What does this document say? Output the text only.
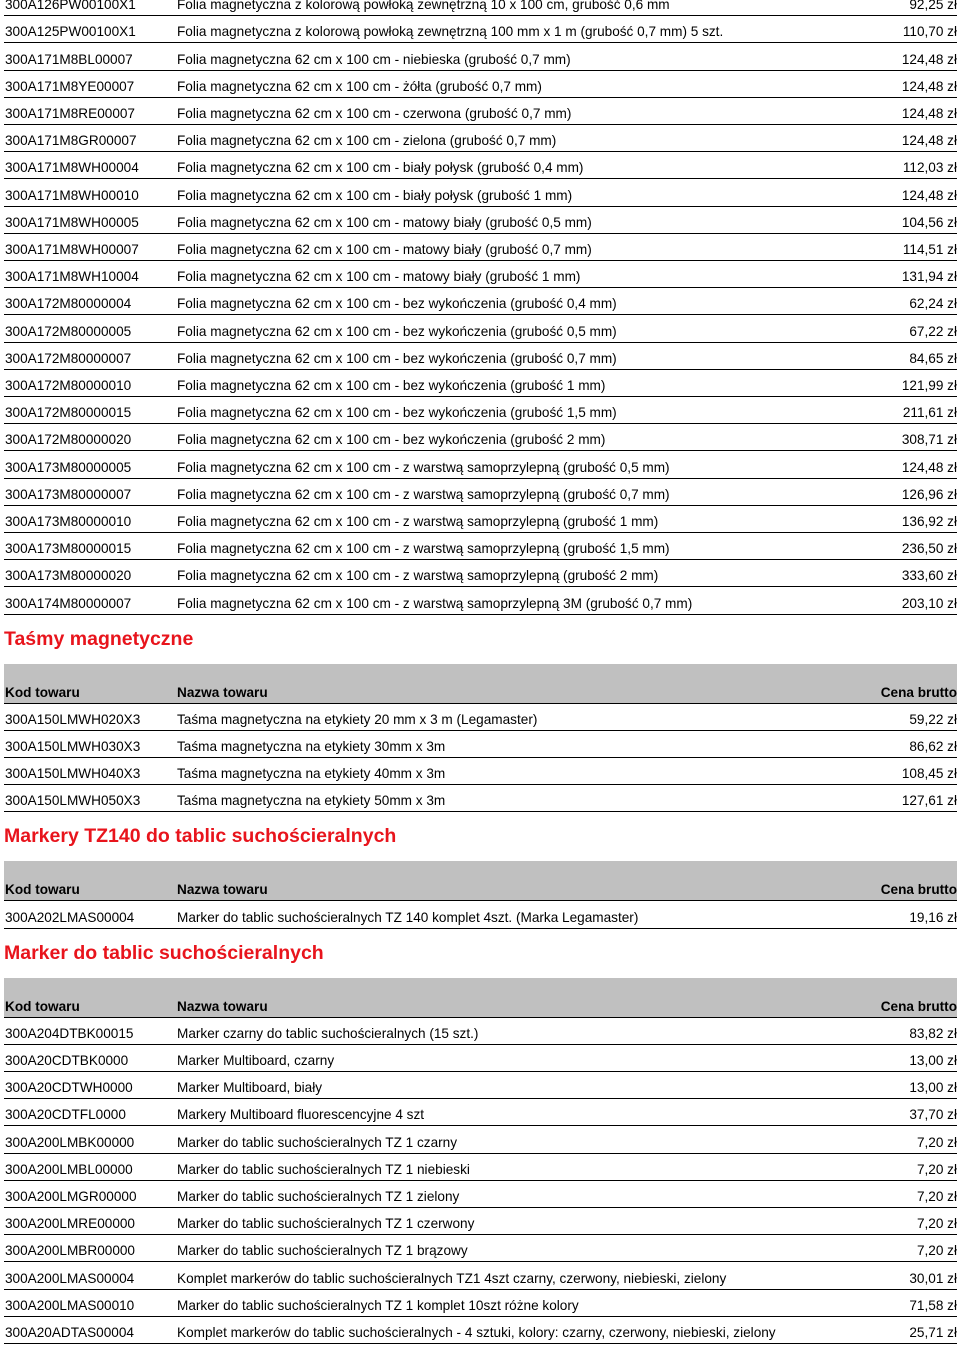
300A126PW00100X1	Folia magnetyczna z kolorową powłoką zewnętrzną 10 x 100 cm, grubość 0,6 mm	92,25 zł
300A125PW00100X1	Folia magnetyczna z kolorową powłoką zewnętrzną 100 mm x 1 m (grubość 0,7 mm) 5 szt.	110,70 zł
300A171M8BL00007	Folia magnetyczna 62 cm x 100 cm - niebieska (grubość 0,7 mm)	124,48 zł
300A171M8YE00007	Folia magnetyczna 62 cm x 100 cm - żółta (grubość 0,7 mm)	124,48 zł
300A171M8RE00007	Folia magnetyczna 62 cm x 100 cm - czerwona (grubość 0,7 mm)	124,48 zł
300A171M8GR00007	Folia magnetyczna 62 cm x 100 cm - zielona (grubość 0,7 mm)	124,48 zł
300A171M8WH00004	Folia magnetyczna 62 cm x 100 cm - biały połysk (grubość 0,4 mm)	112,03 zł
300A171M8WH00010	Folia magnetyczna 62 cm x 100 cm - biały połysk (grubość 1 mm)	124,48 zł
300A171M8WH00005	Folia magnetyczna 62 cm x 100 cm - matowy biały (grubość 0,5 mm)	104,56 zł
300A171M8WH00007	Folia magnetyczna 62 cm x 100 cm - matowy biały (grubość 0,7 mm)	114,51 zł
300A171M8WH10004	Folia magnetyczna 62 cm x 100 cm - matowy biały (grubość 1 mm)	131,94 zł
300A172M80000004	Folia magnetyczna 62 cm x 100 cm - bez wykończenia (grubość 0,4 mm)	62,24 zł
300A172M80000005	Folia magnetyczna 62 cm x 100 cm - bez wykończenia (grubość 0,5 mm)	67,22 zł
300A172M80000007	Folia magnetyczna 62 cm x 100 cm - bez wykończenia (grubość 0,7 mm)	84,65 zł
300A172M80000010	Folia magnetyczna 62 cm x 100 cm - bez wykończenia (grubość 1 mm)	121,99 zł
300A172M80000015	Folia magnetyczna 62 cm x 100 cm - bez wykończenia (grubość 1,5 mm)	211,61 zł
300A172M80000020	Folia magnetyczna 62 cm x 100 cm - bez wykończenia (grubość 2 mm)	308,71 zł
300A173M80000005	Folia magnetyczna 62 cm x 100 cm - z warstwą samoprzylepną (grubość 0,5 mm)	124,48 zł
300A173M80000007	Folia magnetyczna 62 cm x 100 cm - z warstwą samoprzylepną (grubość 0,7 mm)	126,96 zł
300A173M80000010	Folia magnetyczna 62 cm x 100 cm - z warstwą samoprzylepną (grubość 1 mm)	136,92 zł
300A173M80000015	Folia magnetyczna 62 cm x 100 cm - z warstwą samoprzylepną (grubość 1,5 mm)	236,50 zł
300A173M80000020	Folia magnetyczna 62 cm x 100 cm - z warstwą samoprzylepną (grubość 2 mm)	333,60 zł
300A174M80000007	Folia magnetyczna 62 cm x 100 cm - z warstwą samoprzylepną 3M (grubość 0,7 mm)	203,10 zł
Taśmy magnetyczne
Kod towaru	Nazwa towaru	Cena brutto
300A150LMWH020X3	Taśma magnetyczna na etykiety 20 mm x 3 m (Legamaster)	59,22 zł
300A150LMWH030X3	Taśma magnetyczna na etykiety 30mm x 3m	86,62 zł
300A150LMWH040X3	Taśma magnetyczna na etykiety 40mm x 3m	108,45 zł
300A150LMWH050X3	Taśma magnetyczna na etykiety 50mm x 3m	127,61 zł
Markery TZ140 do tablic suchościeralnych
Kod towaru	Nazwa towaru	Cena brutto
300A202LMAS00004	Marker do tablic suchościeralnych TZ 140 komplet 4szt. (Marka Legamaster)	19,16 zł
Marker do tablic suchościeralnych
Kod towaru	Nazwa towaru	Cena brutto
300A204DTBK00015	Marker czarny do tablic suchościeralnych (15 szt.)	83,82 zł
300A20CDTBK0000	Marker Multiboard, czarny	13,00 zł
300A20CDTWH0000	Marker Multiboard, biały	13,00 zł
300A20CDTFL0000	Markery Multiboard fluorescencyjne 4 szt	37,70 zł
300A200LMBK00000	Marker do tablic suchościeralnych TZ 1 czarny	7,20 zł
300A200LMBL00000	Marker do tablic suchościeralnych TZ 1 niebieski	7,20 zł
300A200LMGR00000	Marker do tablic suchościeralnych TZ 1 zielony	7,20 zł
300A200LMRE00000	Marker do tablic suchościeralnych TZ 1 czerwony	7,20 zł
300A200LMBR00000	Marker do tablic suchościeralnych TZ 1 brązowy	7,20 zł
300A200LMAS00004	Komplet markerów do tablic suchościeralnych TZ1 4szt czarny, czerwony, niebieski, zielony	30,01 zł
300A200LMAS00010	Marker do tablic suchościeralnych TZ 1 komplet 10szt różne kolory	71,58 zł
300A20ADTAS00004	Komplet markerów do tablic suchościeralnych - 4 sztuki, kolory: czarny, czerwony, niebieski, zielony	25,71 zł
